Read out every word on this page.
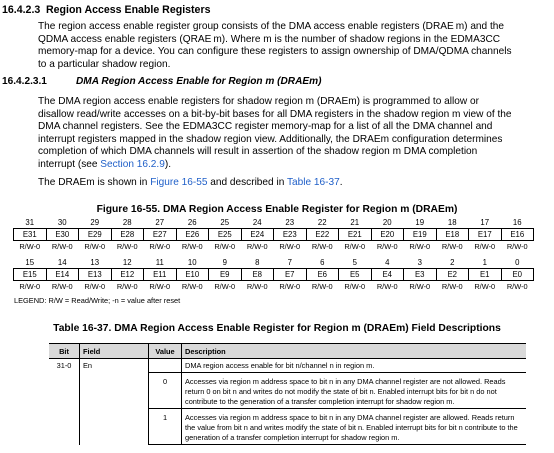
16.4.2.3 Region Access Enable Registers

The region access enable register group consists of the DMA access enable registers (DRAE m) and the
QDMA access enable registers (QRAE m). Where m is the number of shadow regions in the EDMA3CC
memory-map for a device. You can configure these registers to assign ownership of DMA/QDMA channels
to a particular shadow region.

16.4.2.3.1	DMA Region Access Enable for Region m (DRAEm)

The DMA region access enable registers for shadow region m (DRAEm) is programmed to allow or
disallow read/write accesses on a bit-by-bit bases for all DMA registers in the shadow region m view of the
DMA channel registers. See the EDMA3CC register memory-map for a list of all the DMA channel and
interrupt registers mapped in the shadow region view. Additionally, the DRAEm configuration determines
completion of which DMA channels will result in assertion of the shadow region m DMA completion
interrupt (see Section 16.2.9).

The DRAEm is shown in Figure 16-55 and described in Table 16-37.

Figure 16-55. DMA Region Access Enable Register for Region m (DRAEm)
31	30	29	28	27	26	25	24	23	22	21	20	19	18	17	16
E31	E30	E29	E28	E27	E26	E25	E24	E23	E22	E21	E20	E19	E18	E17	E16
R/W-0	R/W-0	R/W-0	R/W-0	R/W-0	R/W-0	R/W-0	R/W-0	R/W-0	R/W-0	R/W-0	R/W-0	R/W-0	R/W-0	R/W-0	R/W-0
15	14	13	12	11	10	9	8	7	6	5	4	3	2	1	0
E15	E14	E13	E12	E11	E10	E9	E8	E7	E6	E5	E4	E3	E2	E1	E0
R/W-0	R/W-0	R/W-0	R/W-0	R/W-0	R/W-0	R/W-0	R/W-0	R/W-0	R/W-0	R/W-0	R/W-0	R/W-0	R/W-0	R/W-0	R/W-0
LEGEND: R/W = Read/Write; -n = value after reset
Table 16-37. DMA Region Access Enable Register for Region m (DRAEm) Field Descriptions
Bit	Field	Value	Description
31-0	En		DMA region access enable for bit n/channel n in region m.
		0	Accesses via region m address space to bit n in any DMA channel register are not allowed. Reads
return 0 on bit n and writes do not modify the state of bit n. Enabled interrupt bits for bit n do not
contribute to the generation of a transfer completion interrupt for shadow region m.

		1	Accesses via region m address space to bit n in any DMA channel register are allowed. Reads return
the value from bit n and writes modify the state of bit n. Enabled interrupt bits for bit n contribute to the
generation of a transfer completion interrupt for shadow region m.
